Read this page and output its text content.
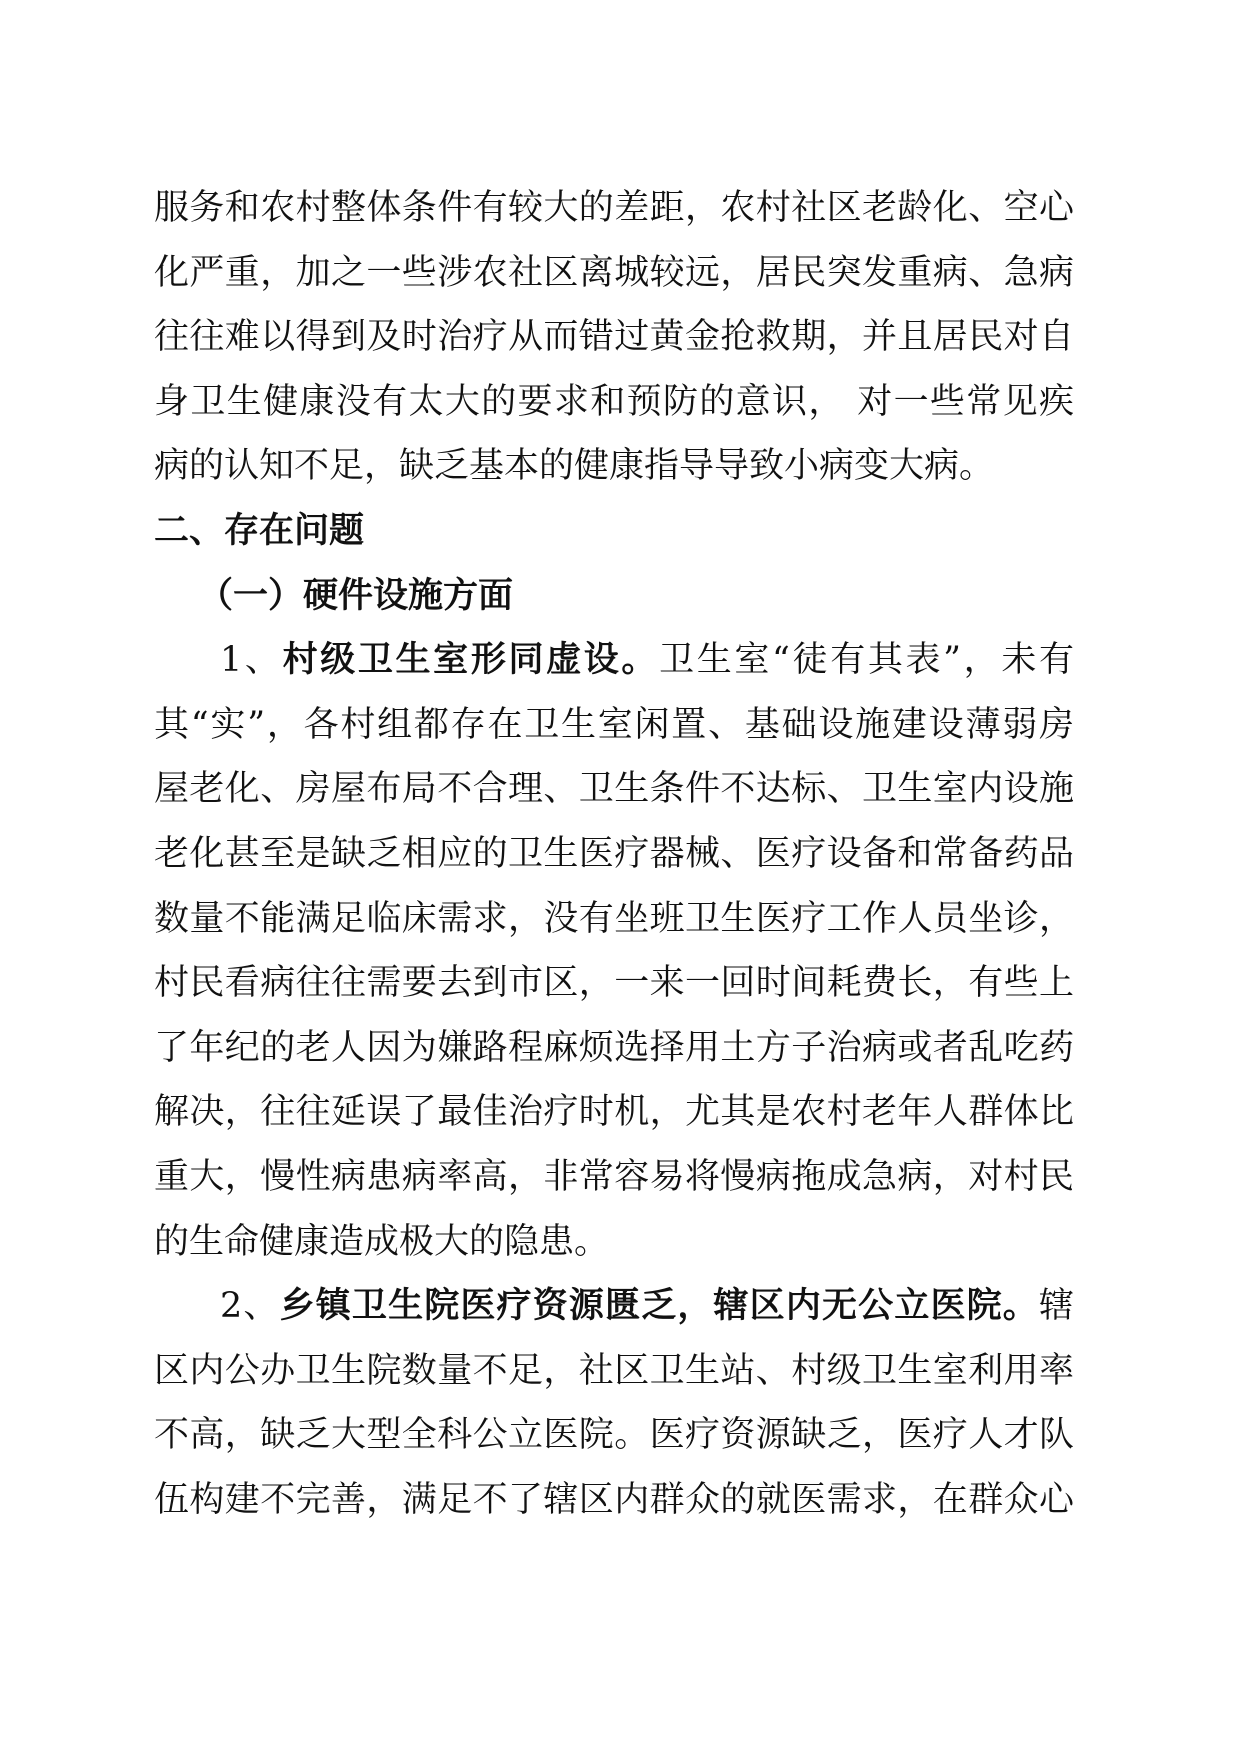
服务和农村整体条件有较大的差距，农村社区老龄化、空心
化严重，加之一些涉农社区离城较远，居民突发重病、急病
往往难以得到及时治疗从而错过黄金抢救期，并且居民对自
身卫生健康没有太大的要求和预防的意识， 对一些常见疾
病的认知不足，缺乏基本的健康指导导致小病变大病。
二、存在问题
（一）硬件设施方面
1、村级卫生室形同虚设。卫生室“徒有其表”，未有
其“实”，各村组都存在卫生室闲置、基础设施建设薄弱房
屋老化、房屋布局不合理、卫生条件不达标、卫生室内设施
老化甚至是缺乏相应的卫生医疗器械、医疗设备和常备药品
数量不能满足临床需求，没有坐班卫生医疗工作人员坐诊，
村民看病往往需要去到市区，一来一回时间耗费长，有些上
了年纪的老人因为嫌路程麻烦选择用土方子治病或者乱吃药
解决，往往延误了最佳治疗时机，尤其是农村老年人群体比
重大，慢性病患病率高，非常容易将慢病拖成急病，对村民
的生命健康造成极大的隐患。
2、乡镇卫生院医疗资源匮乏，辖区内无公立医院。辖
区内公办卫生院数量不足，社区卫生站、村级卫生室利用率
不高，缺乏大型全科公立医院。医疗资源缺乏，医疗人才队
伍构建不完善，满足不了辖区内群众的就医需求，在群众心
